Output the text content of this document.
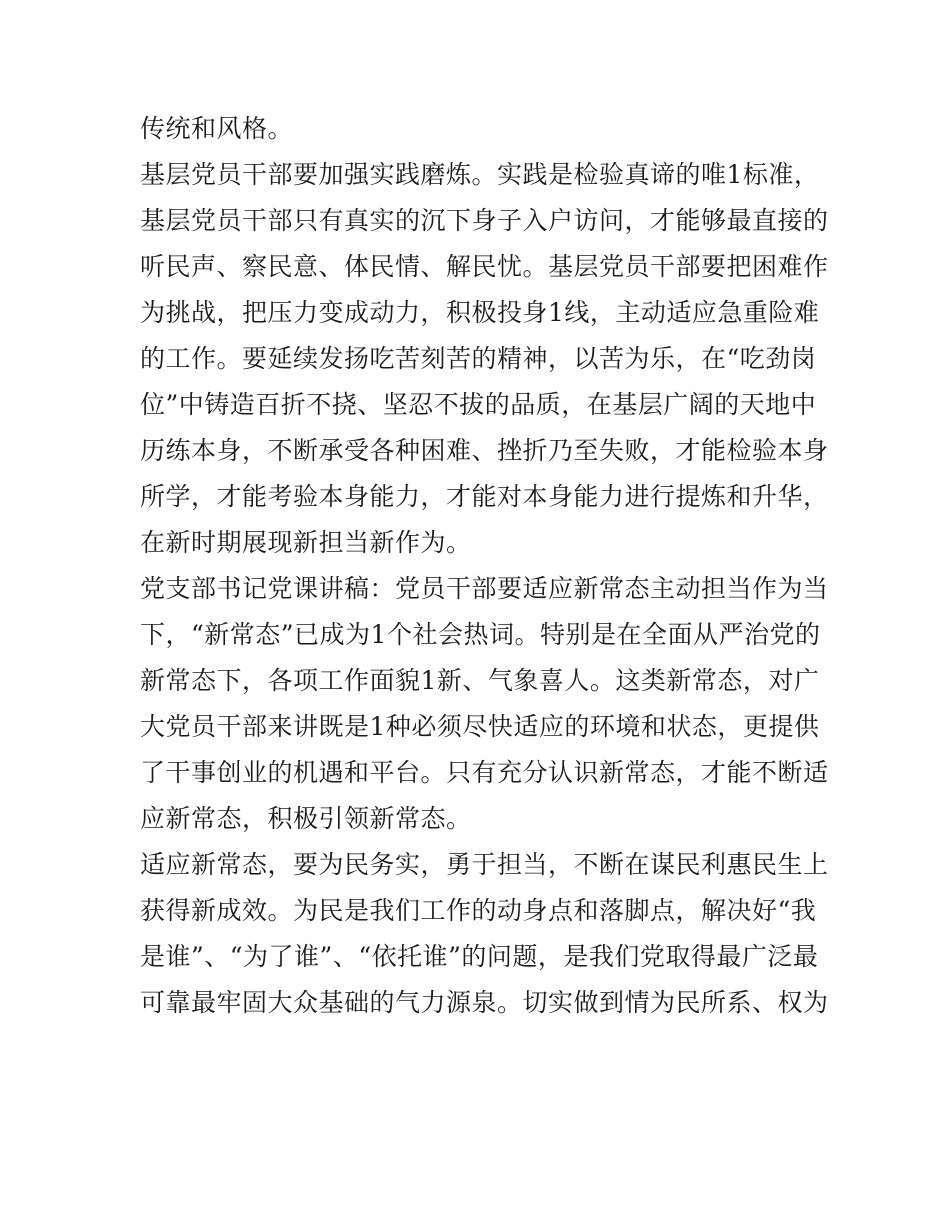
传统和风格。
基层党员干部要加强实践磨炼。实践是检验真谛的唯1标准，
基层党员干部只有真实的沉下身子入户访问，才能够最直接的
听民声、察民意、体民情、解民忧。基层党员干部要把困难作
为挑战，把压力变成动力，积极投身1线，主动适应急重险难
的工作。要延续发扬吃苦刻苦的精神，以苦为乐，在“吃劲岗
位”中铸造百折不挠、坚忍不拔的品质，在基层广阔的天地中
历练本身，不断承受各种困难、挫折乃至失败，才能检验本身
所学，才能考验本身能力，才能对本身能力进行提炼和升华，
在新时期展现新担当新作为。
党支部书记党课讲稿：党员干部要适应新常态主动担当作为当
下，“新常态”已成为1个社会热词。特别是在全面从严治党的
新常态下，各项工作面貌1新、气象喜人。这类新常态，对广
大党员干部来讲既是1种必须尽快适应的环境和状态，更提供
了干事创业的机遇和平台。只有充分认识新常态，才能不断适
应新常态，积极引领新常态。
适应新常态，要为民务实，勇于担当，不断在谋民利惠民生上
获得新成效。为民是我们工作的动身点和落脚点，解决好“我
是谁”、“为了谁”、“依托谁”的问题，是我们党取得最广泛最
可靠最牢固大众基础的气力源泉。切实做到情为民所系、权为
